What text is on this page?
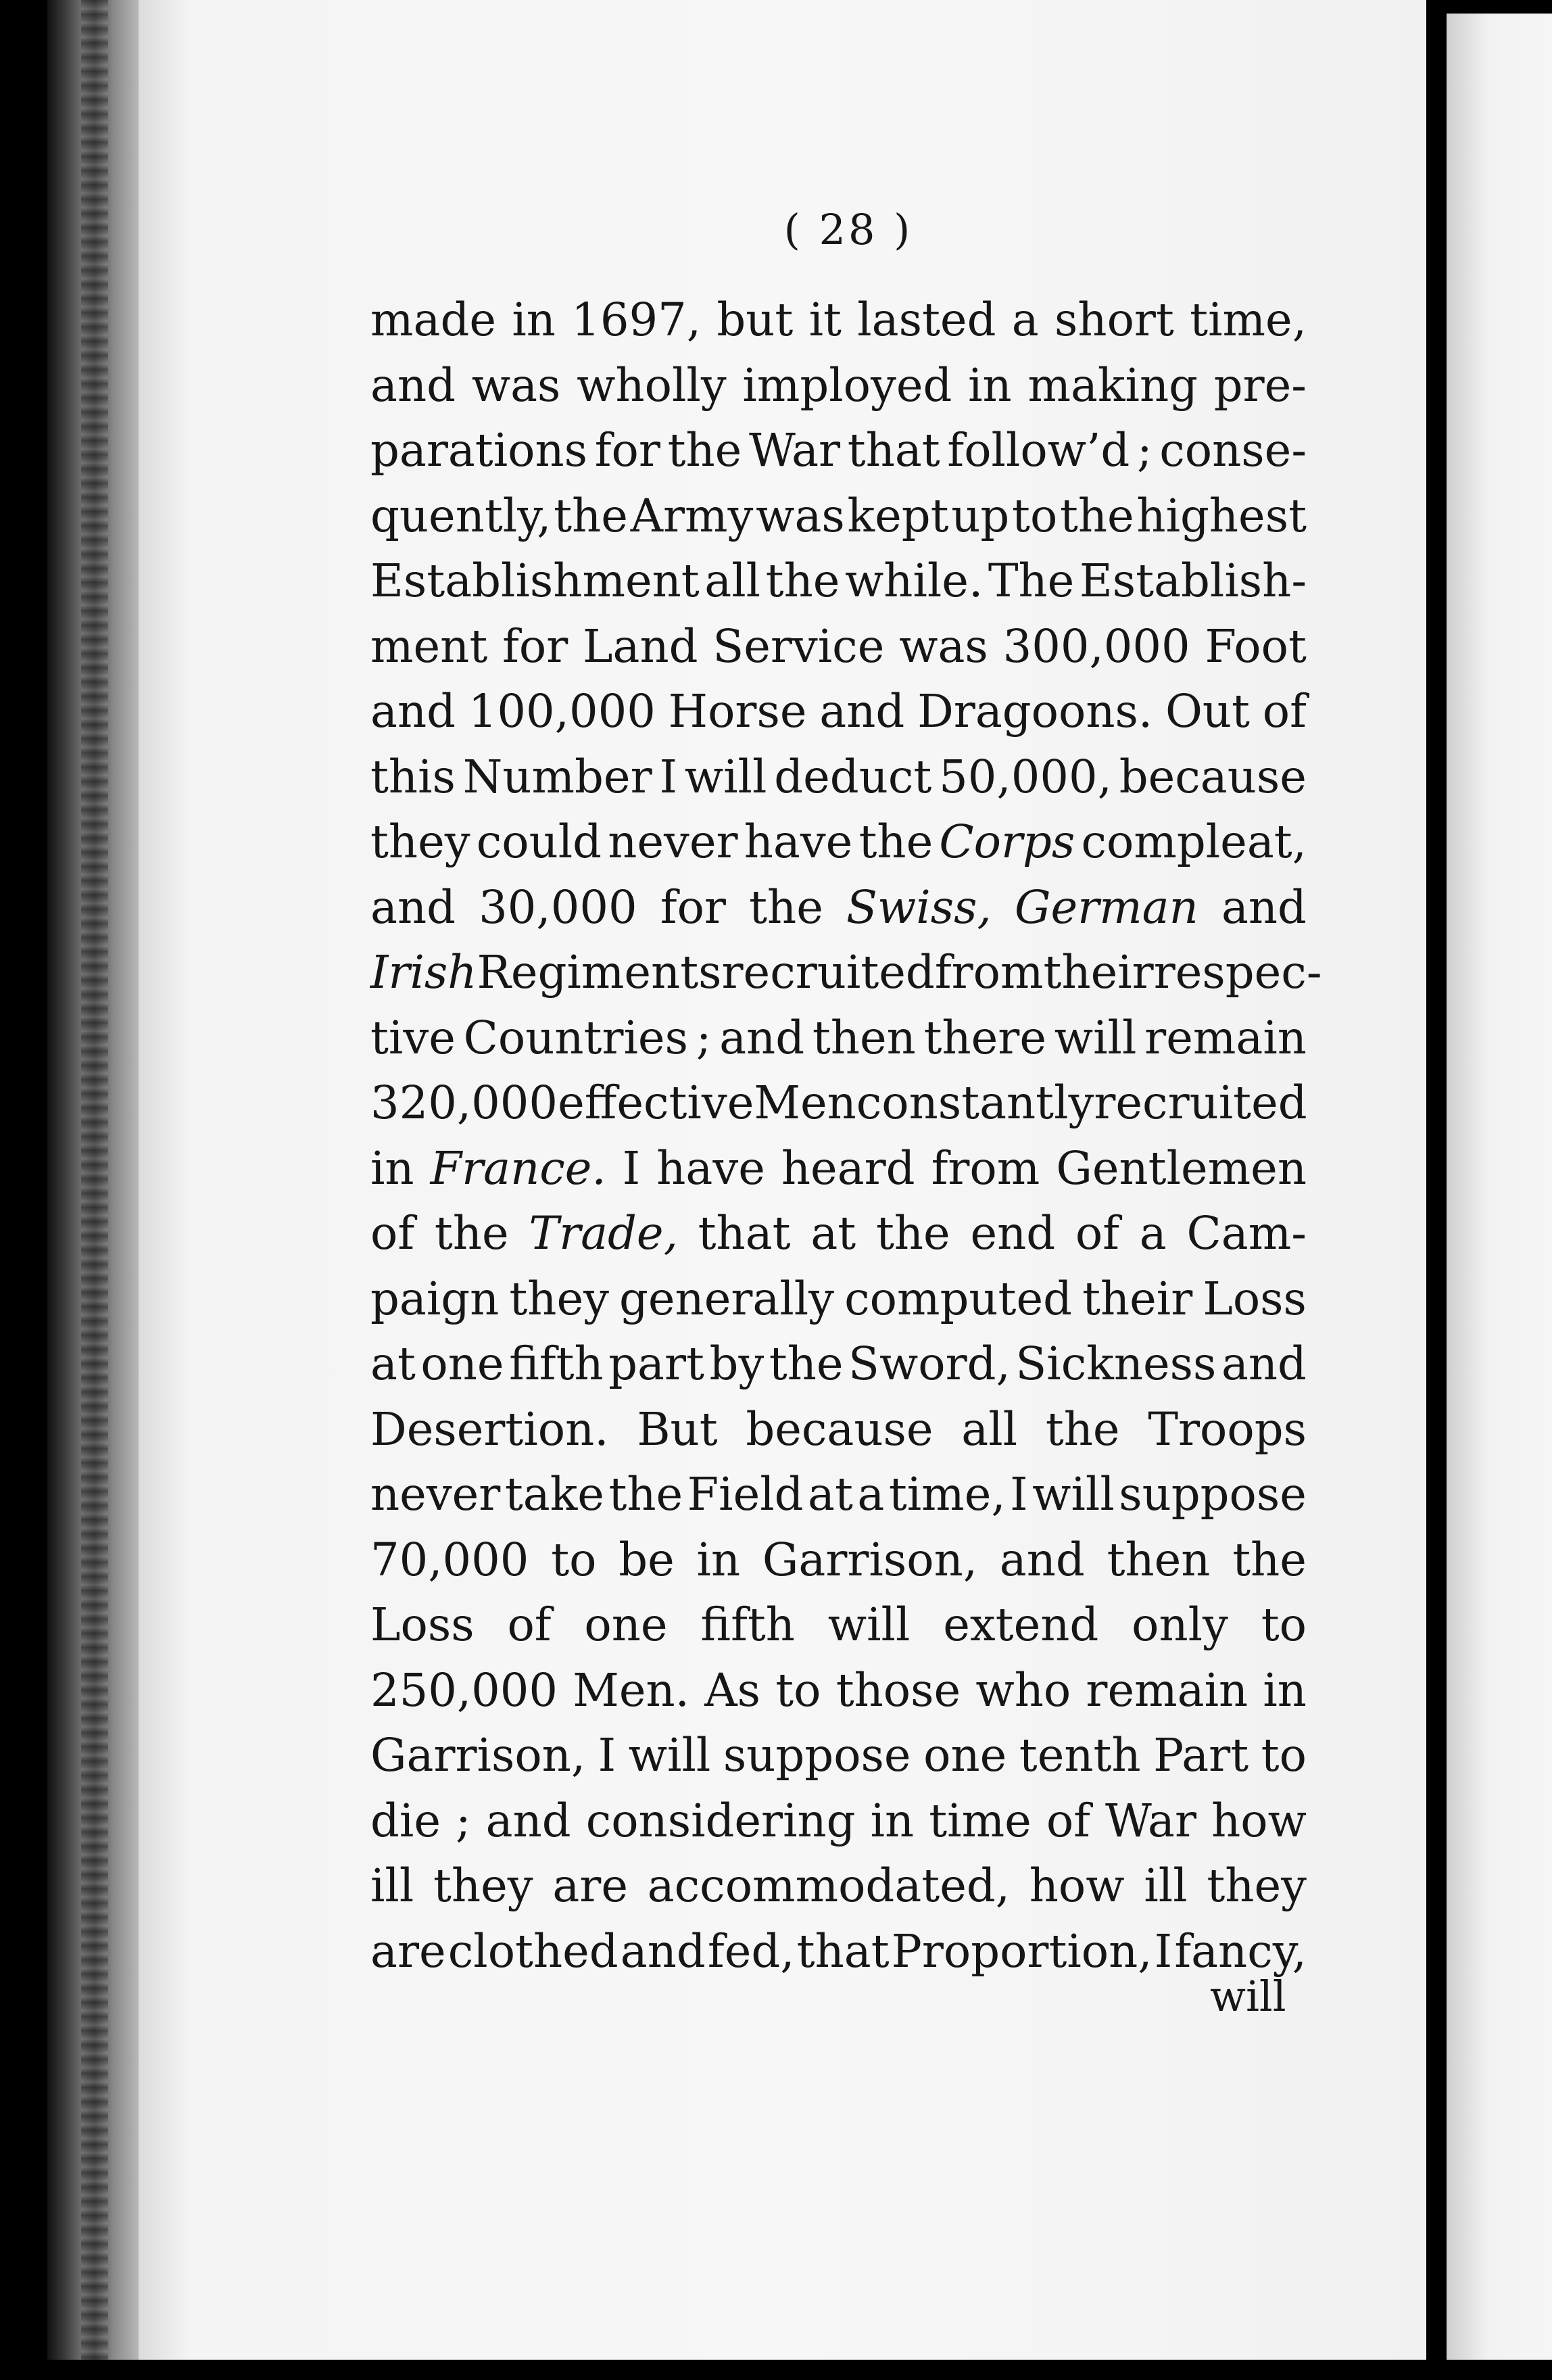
( 28 )
made in 1697, but it lasted a short time,
and was wholly imployed in making pre-
parations for the War that follow’d ; conse-
quently, the Army was kept up to the highest
Establishment all the while. The Establish-
ment for Land Service was 300,000 Foot
and 100,000 Horse and Dragoons. Out of
this Number I will deduct 50,000, because
they could never have the Corps compleat,
and 30,000 for the Swiss, German and
Irish Regiments recruited from their respec-
tive Countries ; and then there will remain
320,000 effective Men constantly recruited
in France. I have heard from Gentlemen
of the Trade, that at the end of a Cam-
paign they generally computed their Loss
at one fifth part by the Sword, Sickness and
Desertion. But because all the Troops
never take the Field at a time, I will suppose
70,000 to be in Garrison, and then the
Loss of one fifth will extend only to
250,000 Men. As to those who remain in
Garrison, I will suppose one tenth Part to
die ; and considering in time of War how
ill they are accommodated, how ill they
are clothed and fed, that Proportion, I fancy,
will
